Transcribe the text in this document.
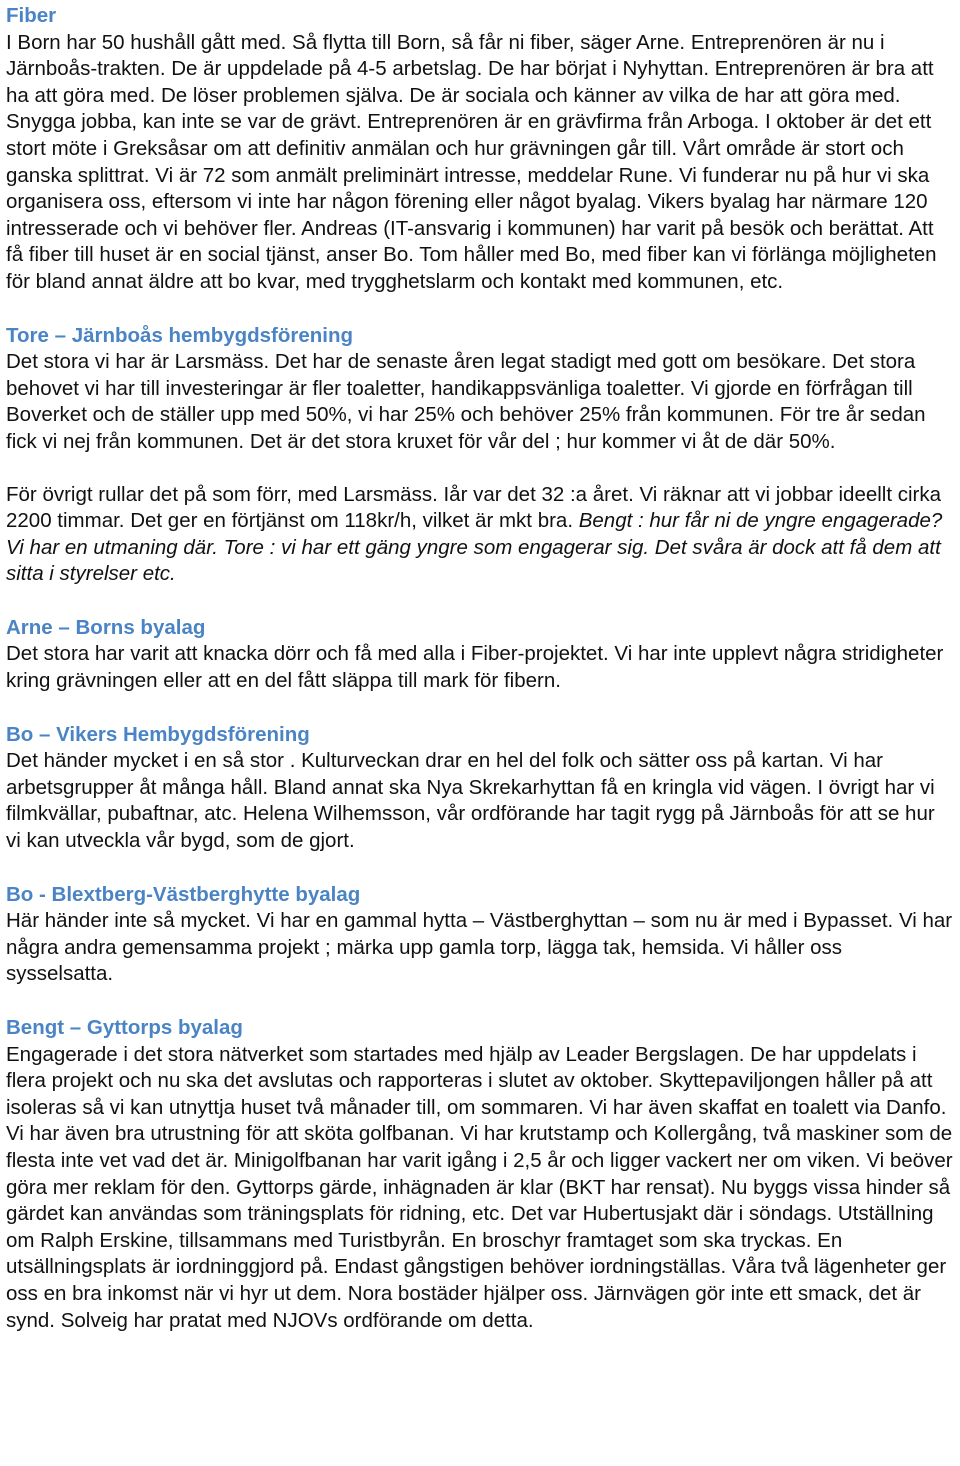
Fiber

I Born har 50 hushåll gått med. Så flytta till Born, så får ni fiber, säger Arne. Entreprenören är nu i Järnboås-trakten. De är uppdelade på 4-5 arbetslag. De har börjat i Nyhyttan. Entreprenören är bra att ha att göra med. De löser problemen själva. De är sociala och känner av vilka de har att göra med. Snygga jobba, kan inte se var de grävt. Entreprenören är en grävfirma från Arboga. I oktober är det ett stort möte i Greksåsar om att definitiv anmälan och hur grävningen går till. Vårt område är stort och ganska splittrat. Vi är 72 som anmält preliminärt intresse, meddelar Rune. Vi funderar nu på hur vi ska organisera oss, eftersom vi inte har någon förening eller något byalag. Vikers byalag har närmare 120 intresserade och vi behöver fler. Andreas (IT-ansvarig i kommunen) har varit på besök och berättat. Att få fiber till huset är en social tjänst, anser Bo. Tom håller med Bo, med fiber kan vi förlänga möjligheten för bland annat äldre att bo kvar, med trygghetslarm och kontakt med kommunen, etc.

Tore – Järnboås hembygdsförening

Det stora vi har är Larsmäss. Det har de senaste åren legat stadigt med gott om besökare. Det stora behovet vi har till investeringar är fler toaletter, handikappsvänliga toaletter. Vi gjorde en förfrågan till Boverket och de ställer upp med 50%, vi har 25% och behöver 25% från kommunen. För tre år sedan fick vi nej från kommunen. Det är det stora kruxet för vår del ; hur kommer vi åt de där 50%.

För övrigt rullar det på som förr, med Larsmäss. Iår var det 32 :a året. Vi räknar att vi jobbar ideellt cirka 2200 timmar. Det ger en förtjänst om 118kr/h, vilket är mkt bra. Bengt : hur får ni de yngre engagerade? Vi har en utmaning där. Tore : vi har ett gäng yngre som engagerar sig. Det svåra är dock att få dem att sitta i styrelser etc.

Arne – Borns byalag

Det stora har varit att knacka dörr och få med alla i Fiber-projektet. Vi har inte upplevt några stridigheter kring grävningen eller att en del fått släppa till mark för fibern.

Bo – Vikers Hembygdsförening

Det händer mycket i en så stor . Kulturveckan drar en hel del folk och sätter oss på kartan. Vi har arbetsgrupper åt många håll. Bland annat ska Nya Skrekarhyttan få en kringla vid vägen. I övrigt har vi filmkvällar, pubaftnar, atc. Helena Wilhemsson, vår ordförande har tagit rygg på Järnboås för att se hur vi kan utveckla vår bygd, som de gjort.

Bo - Blextberg-Västberghytte byalag

Här händer inte så mycket. Vi har en gammal hytta – Västberghyttan – som nu är med i Bypasset. Vi har några andra gemensamma projekt ; märka upp gamla torp, lägga tak, hemsida. Vi håller oss sysselsatta.

Bengt – Gyttorps byalag

Engagerade i det stora nätverket som startades med hjälp av Leader Bergslagen. De har uppdelats i flera projekt och nu ska det avslutas och rapporteras i slutet av oktober. Skyttepaviljongen håller på att isoleras så vi kan utnyttja huset två månader till, om sommaren. Vi har även skaffat en toalett via Danfo. Vi har även bra utrustning för att sköta golfbanan. Vi har krutstamp och Kollergång, två maskiner som de flesta inte vet vad det är. Minigolfbanan har varit igång i 2,5 år och ligger vackert ner om viken. Vi beöver göra mer reklam för den. Gyttorps gärde, inhägnaden är klar (BKT har rensat). Nu byggs vissa hinder så gärdet kan användas som träningsplats för ridning, etc. Det var Hubertusjakt där i söndags. Utställning om Ralph Erskine, tillsammans med Turistbyrån. En broschyr framtaget som ska tryckas. En utsällningsplats är iordninggjord på. Endast gångstigen behöver iordningställas. Våra två lägenheter ger oss en bra inkomst när vi hyr ut dem. Nora bostäder hjälper oss. Järnvägen gör inte ett smack, det är synd. Solveig har pratat med NJOVs ordförande om detta.
